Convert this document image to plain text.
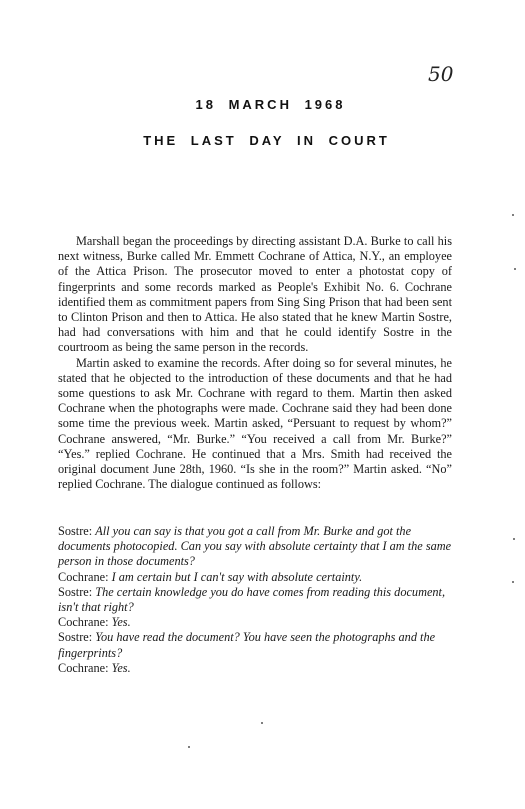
50
18 MARCH 1968
THE LAST DAY IN COURT

Marshall began the proceedings by directing assistant D.A. Burke to call his next witness, Burke called Mr. Emmett Cochrane of Attica, N.Y., an employee of the Attica Prison. The prosecutor moved to enter a photostat copy of fingerprints and some records marked as People's Exhibit No. 6. Cochrane identified them as commitment papers from Sing Sing Prison that had been sent to Clinton Prison and then to Attica. He also stated that he knew Martin Sostre, had had conversations with him and that he could identify Sostre in the courtroom as being the same person in the records.

Martin asked to examine the records. After doing so for several minutes, he stated that he objected to the introduction of these documents and that he had some questions to ask Mr. Cochrane with regard to them. Martin then asked Cochrane when the photographs were made. Cochrane said they had been done some time the previous week. Martin asked, “Persuant to request by whom?” Cochrane answered, “Mr. Burke.” “You received a call from Mr. Burke?” “Yes.” replied Cochrane. He continued that a Mrs. Smith had received the original document June 28th, 1960. “Is she in the room?” Martin asked. “No” replied Cochrane. The dialogue continued as follows:

Sostre: All you can say is that you got a call from Mr. Burke and got the documents photocopied. Can you say with absolute certainty that I am the same person in those documents?

Cochrane: I am certain but I can't say with absolute certainty.

Sostre: The certain knowledge you do have comes from reading this document, isn't that right?

Cochrane: Yes.

Sostre: You have read the document? You have seen the photographs and the fingerprints?

Cochrane: Yes.
